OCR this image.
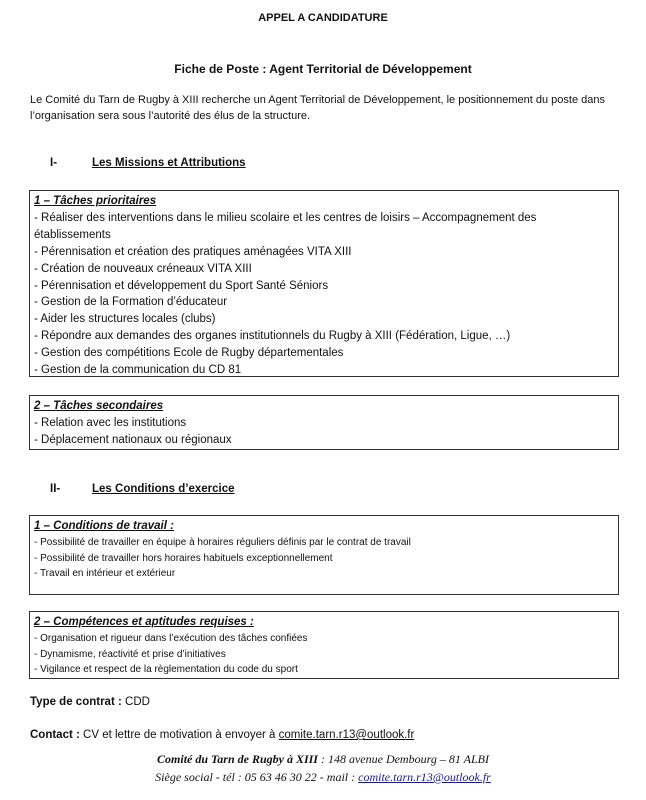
APPEL A CANDIDATURE
Fiche de Poste : Agent Territorial de Développement
Le Comité du Tarn de Rugby à XIII recherche un Agent Territorial de Développement, le positionnement du poste dans l’organisation sera sous l’autorité des élus de la structure.
I-	Les Missions et Attributions
1 – Tâches prioritaires
- Réaliser des interventions dans le milieu scolaire et les centres de loisirs – Accompagnement des établissements
- Pérennisation et création des pratiques aménagées VITA XIII
- Création de nouveaux créneaux VITA XIII
- Pérennisation et développement du Sport Santé Séniors
- Gestion de la Formation d’éducateur
- Aider les structures locales (clubs)
- Répondre aux demandes des organes institutionnels du Rugby à XIII (Fédération, Ligue, …)
- Gestion des compétitions Ecole de Rugby départementales
- Gestion de la communication du CD 81
2 – Tâches secondaires
- Relation avec les institutions
- Déplacement nationaux ou régionaux
II-	Les Conditions d’exercice
1 – Conditions de travail :
- Possibilité de travailler en équipe à horaires réguliers définis par le contrat de travail
- Possibilité de travailler hors horaires habituels exceptionnellement
- Travail en intérieur et extérieur
2 – Compétences et aptitudes requises :
- Organisation et rigueur dans l’exécution des tâches confiées
- Dynamisme, réactivité et prise d’initiatives
- Vigilance et respect de la règlementation du code du sport
Type de contrat : CDD
Contact : CV et lettre de motivation à envoyer à comite.tarn.r13@outlook.fr
Comité du Tarn de Rugby à XIII : 148 avenue Dembourg – 81 ALBI
Siège social - tél : 05 63 46 30 22 - mail : comite.tarn.r13@outlook.fr
